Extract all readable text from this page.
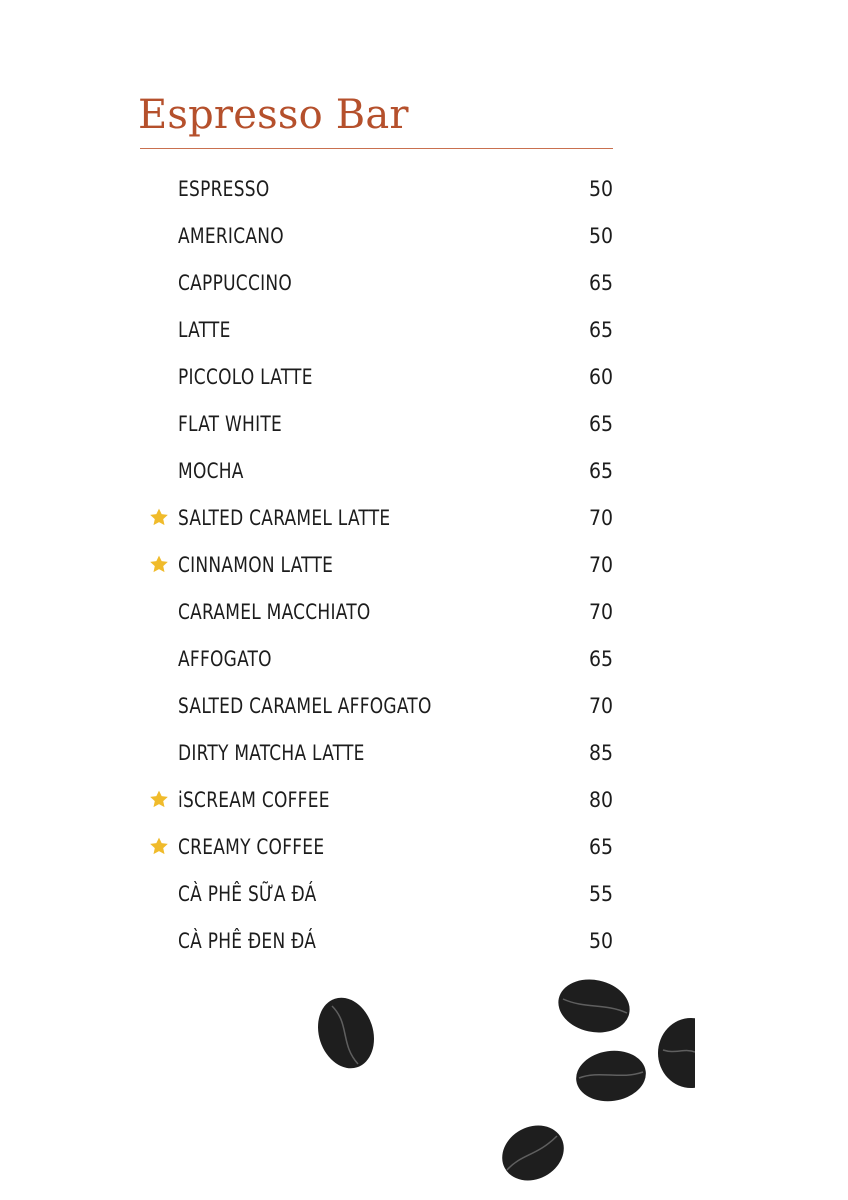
Espresso Bar
ESPRESSO	50
AMERICANO	50
CAPPUCCINO	65
LATTE	65
PICCOLO LATTE	60
FLAT WHITE	65
MOCHA	65
SALTED CARAMEL LATTE	70
CINNAMON LATTE	70
CARAMEL MACCHIATO	70
AFFOGATO	65
SALTED CARAMEL AFFOGATO	70
DIRTY MATCHA LATTE	85
iSCREAM COFFEE	80
CREAMY COFFEE	65
CÀ PHÊ SỮA ĐÁ	55
CÀ PHÊ ĐEN ĐÁ	50
